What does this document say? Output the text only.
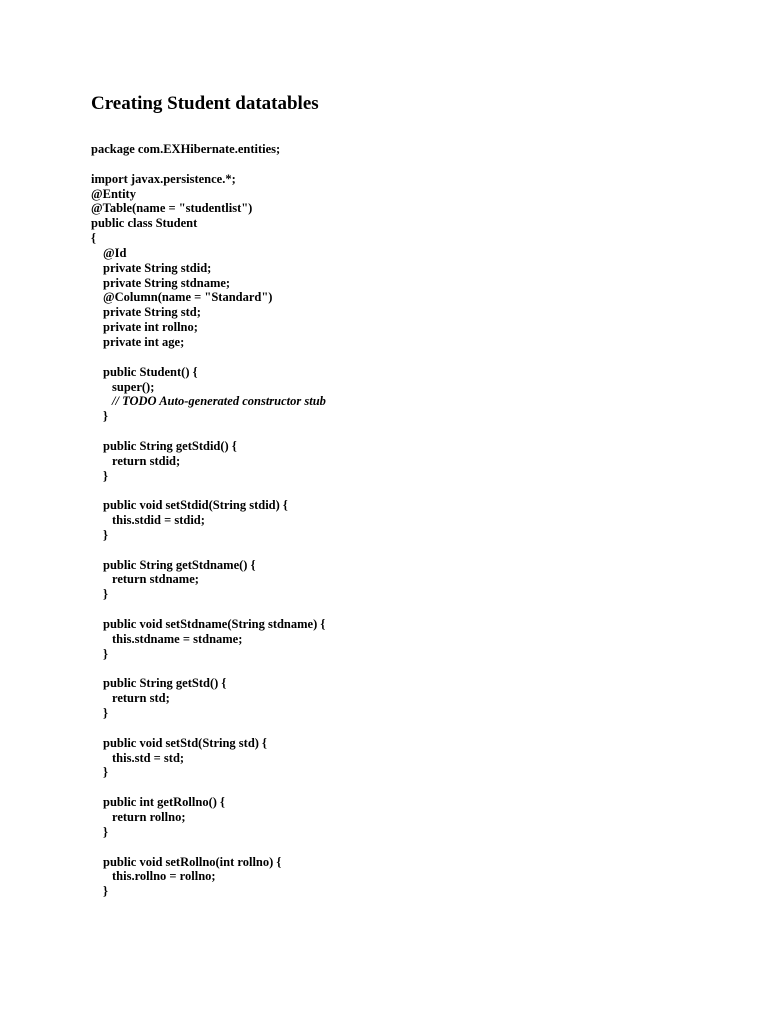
Creating Student datatables
package com.EXHibernate.entities;
import javax.persistence.*;
@Entity
@Table(name = "studentlist")
public class Student
{
@Id
private String stdid;
private String stdname;
@Column(name = "Standard")
private String std;
private int rollno;
private int age;
public Student() {
super();
// TODO Auto-generated constructor stub
}
public String getStdid() {
return stdid;
}
public void setStdid(String stdid) {
this.stdid = stdid;
}
public String getStdname() {
return stdname;
}
public void setStdname(String stdname) {
this.stdname = stdname;
}
public String getStd() {
return std;
}
public void setStd(String std) {
this.std = std;
}
public int getRollno() {
return rollno;
}
public void setRollno(int rollno) {
this.rollno = rollno;
}
